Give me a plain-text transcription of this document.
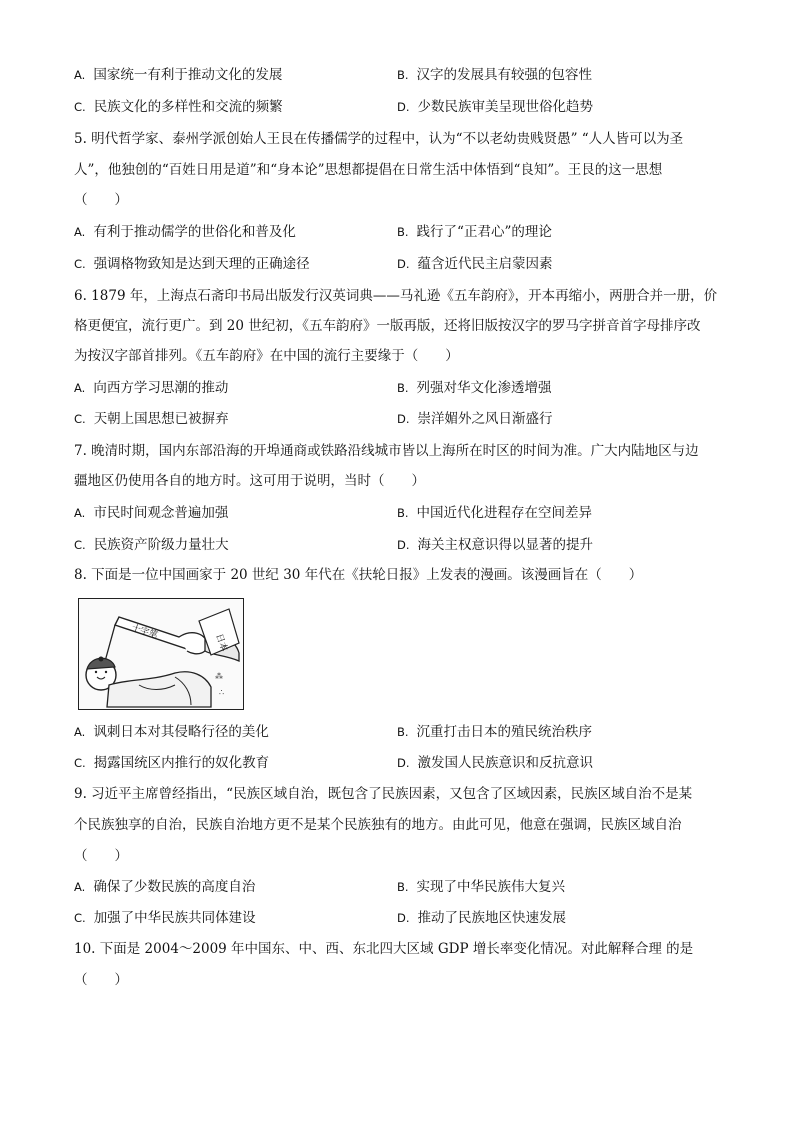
A. 国家统一有利于推动文化的发展	B. 汉字的发展具有较强的包容性
C. 民族文化的多样性和交流的频繁	D. 少数民族审美呈现世俗化趋势
5. 明代哲学家、泰州学派创始人王艮在传播儒学的过程中，认为“不以老幼贵贱贤愚” “人人皆可以为圣
人”，他独创的“百姓日用是道”和“身本论”思想都提倡在日常生活中体悟到“良知”。王艮的这一思想
（　　）
A. 有利于推动儒学的世俗化和普及化	B. 践行了“正君心”的理论
C. 强调格物致知是达到天理的正确途径	D. 蕴含近代民主启蒙因素
6. 1879 年，上海点石斋印书局出版发行汉英词典——马礼逊《五车韵府》，开本再缩小，两册合并一册，价
格更便宜，流行更广。到 20 世纪初，《五车韵府》一版再版，还将旧版按汉字的罗马字拼音首字母排序改
为按汉字部首排列。《五车韵府》在中国的流行主要缘于（　　）
A. 向西方学习思潮的推动	B. 列强对华文化渗透增强
C. 天朝上国思想已被摒弃	D. 崇洋媚外之风日渐盛行
7. 晚清时期，国内东部沿海的开埠通商或铁路沿线城市皆以上海所在时区的时间为准。广大内陆地区与边
疆地区仍使用各自的地方时。这可用于说明，当时（　　）
A. 市民时间观念普遍加强	B. 中国近代化进程存在空间差异
C. 民族资产阶级力量壮大	D. 海关主权意识得以显著的提升
8. 下面是一位中国画家于 20 世纪 30 年代在《扶轮日报》上发表的漫画。该漫画旨在（　　）
十字笔
日本
⁂
∴
A. 讽刺日本对其侵略行径的美化	B. 沉重打击日本的殖民统治秩序
C. 揭露国统区内推行的奴化教育	D. 激发国人民族意识和反抗意识
9. 习近平主席曾经指出，“民族区域自治，既包含了民族因素，又包含了区域因素，民族区域自治不是某
个民族独享的自治，民族自治地方更不是某个民族独有的地方。由此可见，他意在强调，民族区域自治
（　　）
A. 确保了少数民族的高度自治	B. 实现了中华民族伟大复兴
C. 加强了中华民族共同体建设	D. 推动了民族地区快速发展
10. 下面是 2004～2009 年中国东、中、西、东北四大区域 GDP 增长率变化情况。对此解释合理 的是
（　　）
